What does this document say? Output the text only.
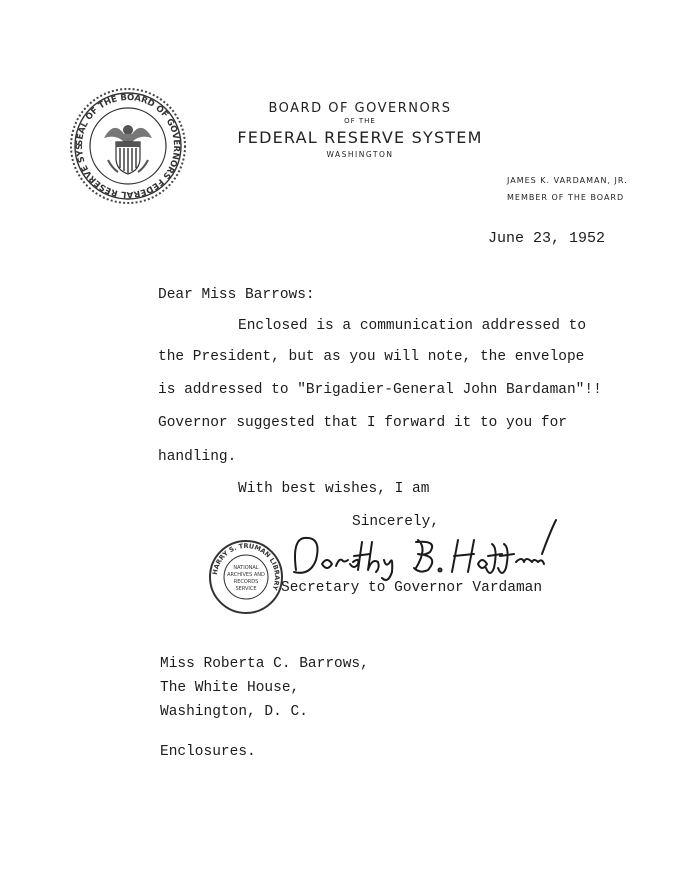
SEAL OF THE BOARD OF GOVERNORS FEDERAL RESERVE SYS
BOARD OF GOVERNORS
OF THE
FEDERAL RESERVE SYSTEM
WASHINGTON
JAMES K. VARDAMAN, JR.
MEMBER OF THE BOARD
June 23, 1952
Dear Miss Barrows:
Enclosed is a communication addressed to
the President, but as you will note, the envelope
is addressed to "Brigadier-General John Bardaman"!!
Governor suggested that I forward it to you for
handling.
With best wishes, I am
Sincerely,
HARRY S. TRUMAN LIBRARY
NATIONAL
ARCHIVES AND
RECORDS
SERVICE Secretary to Governor Vardaman
Miss Roberta C. Barrows,
The White House,
Washington, D. C.
Enclosures.
